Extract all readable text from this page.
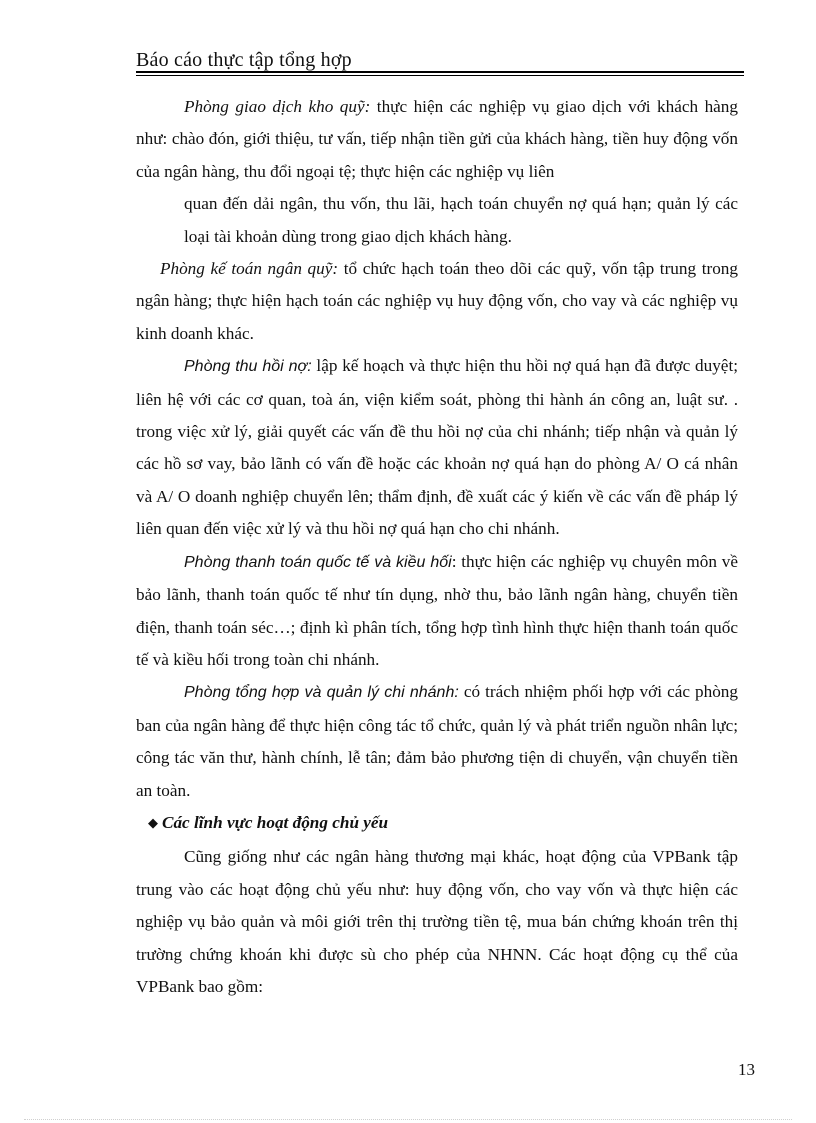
Báo cáo thực tập tổng hợp

Phòng giao dịch kho quỹ: thực hiện các nghiệp vụ giao dịch với khách hàng như: chào đón, giới thiệu, tư vấn, tiếp nhận tiền gửi của khách hàng, tiền huy động vốn của ngân hàng, thu đổi ngoại tệ; thực hiện các nghiệp vụ liên

quan đến dải ngân, thu vốn, thu lãi, hạch toán chuyển nợ quá hạn; quản lý các loại tài khoản dùng trong giao dịch khách hàng.

Phòng kế toán ngân quỹ: tổ chức hạch toán theo dõi các quỹ, vốn tập trung trong ngân hàng; thực hiện hạch toán các nghiệp vụ huy động vốn, cho vay và các nghiệp vụ kinh doanh khác.

Phòng thu hồi nợ: lập kế hoạch và thực hiện thu hồi nợ quá hạn đã được duyệt; liên hệ với các cơ quan, toà án, viện kiểm soát, phòng thi hành án công an, luật sư. . trong việc xử lý, giải quyết các vấn đề thu hồi nợ của chi nhánh; tiếp nhận và quản lý các hồ sơ vay, bảo lãnh có vấn đề hoặc các khoản nợ quá hạn do phòng A/ O cá nhân và A/ O doanh nghiệp chuyển lên; thẩm định, đề xuất các ý kiến về các vấn đề pháp lý liên quan đến việc xử lý và thu hồi nợ quá hạn cho chi nhánh.

Phòng thanh toán quốc tế và kiều hối: thực hiện các nghiệp vụ chuyên môn về bảo lãnh, thanh toán quốc tế như tín dụng, nhờ thu, bảo lãnh ngân hàng, chuyển tiền điện, thanh toán séc…; định kì phân tích, tổng hợp tình hình thực hiện thanh toán quốc tế và kiều hối trong toàn chi nhánh.

Phòng tổng hợp và quản lý chi nhánh: có trách nhiệm phối hợp với các phòng ban của ngân hàng để thực hiện công tác tổ chức, quản lý và phát triển nguồn nhân lực; công tác văn thư, hành chính, lễ tân; đảm bảo phương tiện di chuyển, vận chuyển tiền an toàn.

◆ Các lĩnh vực hoạt động chủ yếu

Cũng giống như các ngân hàng thương mại khác, hoạt động của VPBank tập trung vào các hoạt động chủ yếu như: huy động vốn, cho vay vốn và thực hiện các nghiệp vụ bảo quản và môi giới trên thị trường tiền tệ, mua bán chứng khoán trên thị trường chứng khoán khi được sù cho phép của NHNN. Các hoạt động cụ thể của VPBank bao gồm:

13
